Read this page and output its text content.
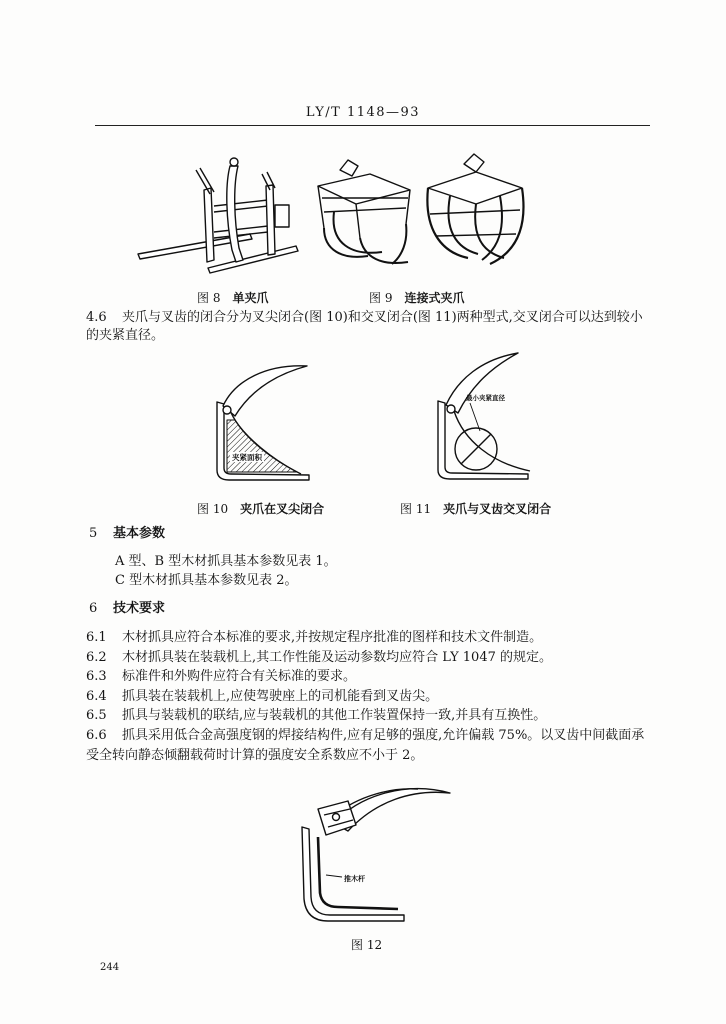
LY/T 1148—93
图 8 单夹爪	图 9 连接式夹爪
4.6 夹爪与叉齿的闭合分为叉尖闭合(图 10)和交叉闭合(图 11)两种型式,交叉闭合可以达到较小的夹紧直径。
夹紧面积
最小夹紧直径
图 10 夹爪在叉尖闭合	图 11 夹爪与叉齿交叉闭合
5 基本参数
A 型、B 型木材抓具基本参数见表 1。
C 型木材抓具基本参数见表 2。
6 技术要求
6.1 木材抓具应符合本标准的要求,并按规定程序批准的图样和技术文件制造。
6.2 木材抓具装在装载机上,其工作性能及运动参数均应符合 LY 1047 的规定。
6.3 标准件和外购件应符合有关标准的要求。
6.4 抓具装在装载机上,应使驾驶座上的司机能看到叉齿尖。
6.5 抓具与装载机的联结,应与装载机的其他工作装置保持一致,并具有互换性。
6.6 抓具采用低合金高强度钢的焊接结构件,应有足够的强度,允许偏载 75%。以叉齿中间截面承受全转向静态倾翻载荷时计算的强度安全系数应不小于 2。
推木杆
图 12
244
